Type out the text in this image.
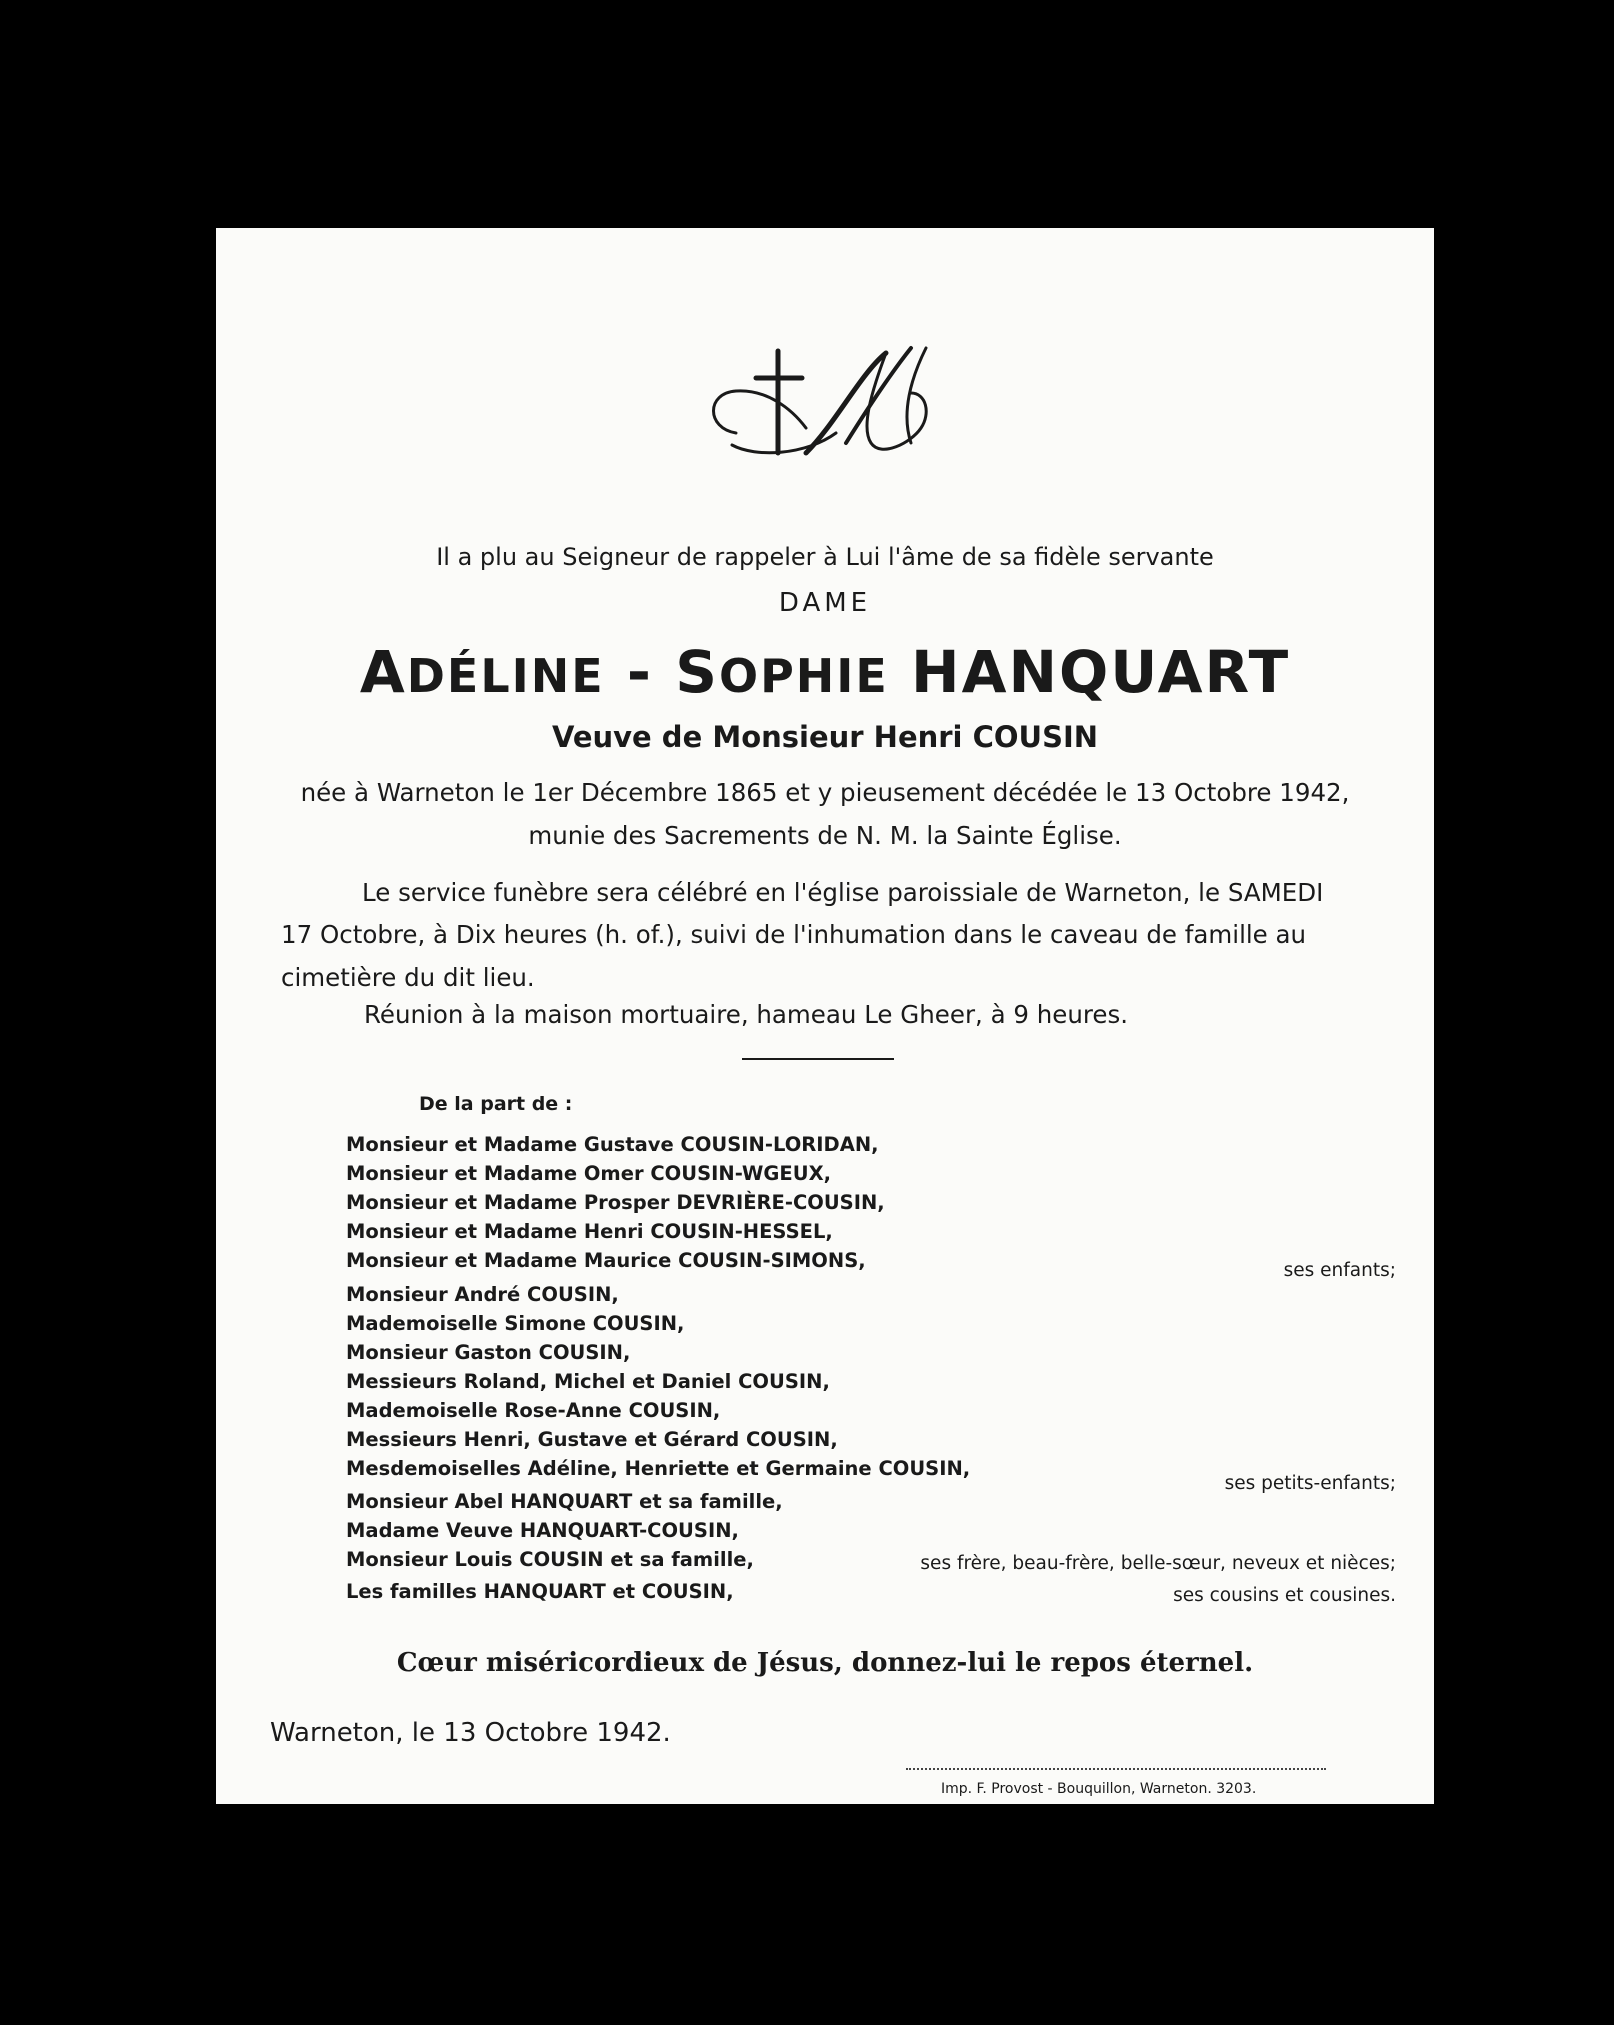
Il a plu au Seigneur de rappeler à Lui l'âme de sa fidèle servante
DAME
ADÉLINE - SOPHIE HANQUART
Veuve de Monsieur Henri COUSIN
née à Warneton le 1er Décembre 1865 et y pieusement décédée le 13 Octobre 1942,
munie des Sacrements de N. M. la Sainte Église.
Le service funèbre sera célébré en l'église paroissiale de Warneton, le SAMEDI
17 Octobre, à Dix heures (h. of.), suivi de l'inhumation dans le caveau de famille au
cimetière du dit lieu.
Réunion à la maison mortuaire, hameau Le Gheer, à 9 heures.
De la part de :
Monsieur et Madame Gustave COUSIN-LORIDAN,
Monsieur et Madame Omer COUSIN-WGEUX,
Monsieur et Madame Prosper DEVRIÈRE-COUSIN,
Monsieur et Madame Henri COUSIN-HESSEL,
Monsieur et Madame Maurice COUSIN-SIMONS,
Monsieur André COUSIN,
Mademoiselle Simone COUSIN,
Monsieur Gaston COUSIN,
Messieurs Roland, Michel et Daniel COUSIN,
Mademoiselle Rose-Anne COUSIN,
Messieurs Henri, Gustave et Gérard COUSIN,
Mesdemoiselles Adéline, Henriette et Germaine COUSIN,
Monsieur Abel HANQUART et sa famille,
Madame Veuve HANQUART-COUSIN,
Monsieur Louis COUSIN et sa famille,
Les familles HANQUART et COUSIN,
ses enfants;
ses petits-enfants;
ses frère, beau-frère, belle-sœur, neveux et nièces;
ses cousins et cousines.
Cœur miséricordieux de Jésus, donnez-lui le repos éternel.
Warneton, le 13 Octobre 1942.
Imp. F. Provost - Bouquillon, Warneton. 3203.
